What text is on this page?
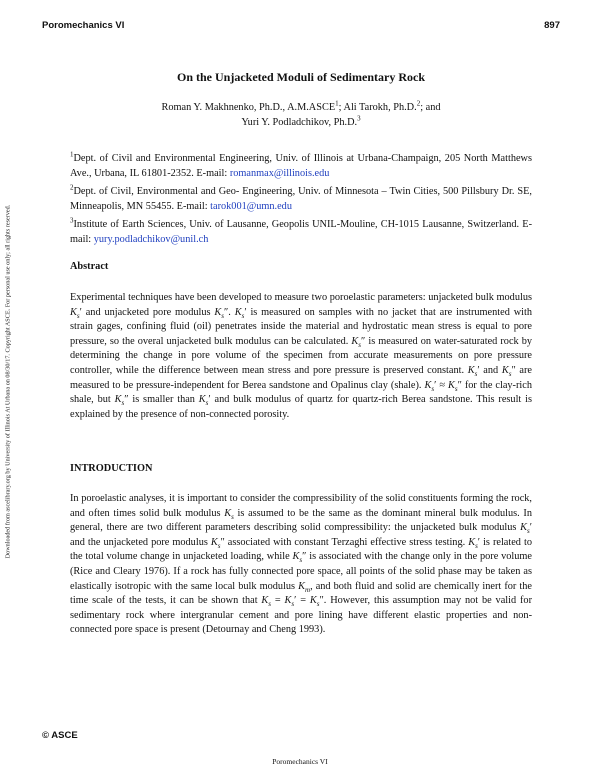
Poromechanics VI	897
Downloaded from ascelibrary.org by University of Illinois At Urbana on 08/30/17. Copyright ASCE. For personal use only; all rights reserved.
On the Unjacketed Moduli of Sedimentary Rock
Roman Y. Makhnenko, Ph.D., A.M.ASCE$^1$; Ali Tarokh, Ph.D.$^2$; and
Yuri Y. Podladchikov, Ph.D.$^3$

$^1$Dept. of Civil and Environmental Engineering, Univ. of Illinois at Urbana-Champaign, 205 North Matthews Ave., Urbana, IL 61801-2352. E-mail: romanmax@illinois.edu

$^2$Dept. of Civil, Environmental and Geo- Engineering, Univ. of Minnesota – Twin Cities, 500 Pillsbury Dr. SE, Minneapolis, MN 55455. E-mail: tarok001@umn.edu

$^3$Institute of Earth Sciences, Univ. of Lausanne, Geopolis UNIL-Mouline, CH-1015 Lausanne, Switzerland. E-mail: yury.podladchikov@unil.ch

Abstract

Experimental techniques have been developed to measure two poroelastic parameters: unjacketed bulk modulus $K_s'$ and unjacketed pore modulus $K_s''$. $K_s'$ is measured on samples with no jacket that are instrumented with strain gages, confining fluid (oil) penetrates inside the material and hydrostatic mean stress is equal to pore pressure, so the overal unjacketed bulk modulus can be calculated. $K_s''$ is measured on water-saturated rock by determining the change in pore volume of the specimen from accurate measurements on pore pressure controller, while the difference between mean stress and pore pressure is preserved constant. $K_s'$ and $K_s''$ are measured to be pressure-independent for Berea sandstone and Opalinus clay (shale). $K_s' \approx K_s''$ for the clay-rich shale, but $K_s''$ is smaller than $K_s'$ and bulk modulus of quartz for quartz-rich Berea sandstone. This result is explained by the presence of non-connected porosity.

INTRODUCTION

In poroelastic analyses, it is important to consider the compressibility of the solid constituents forming the rock, and often times solid bulk modulus $K_s$ is assumed to be the same as the dominant mineral bulk modulus. In general, there are two different parameters describing solid compressibility: the unjacketed bulk modulus $K_s'$ and the unjacketed pore modulus $K_s''$ associated with constant Terzaghi effective stress testing. $K_s'$ is related to the total volume change in unjacketed loading, while $K_s''$ is associated with the change only in the pore volume (Rice and Cleary 1976). If a rock has fully connected pore space, all points of the solid phase may be taken as elastically isotropic with the same local bulk modulus $K_m$, and both fluid and solid are chemically inert for the time scale of the tests, it can be shown that $K_s = K_s' = K_s''$. However, this assumption may not be valid for sedimentary rock where intergranular cement and pore lining have different elastic properties and non-connected pore space is present (Detournay and Cheng 1993).

© ASCE
Poromechanics VI
